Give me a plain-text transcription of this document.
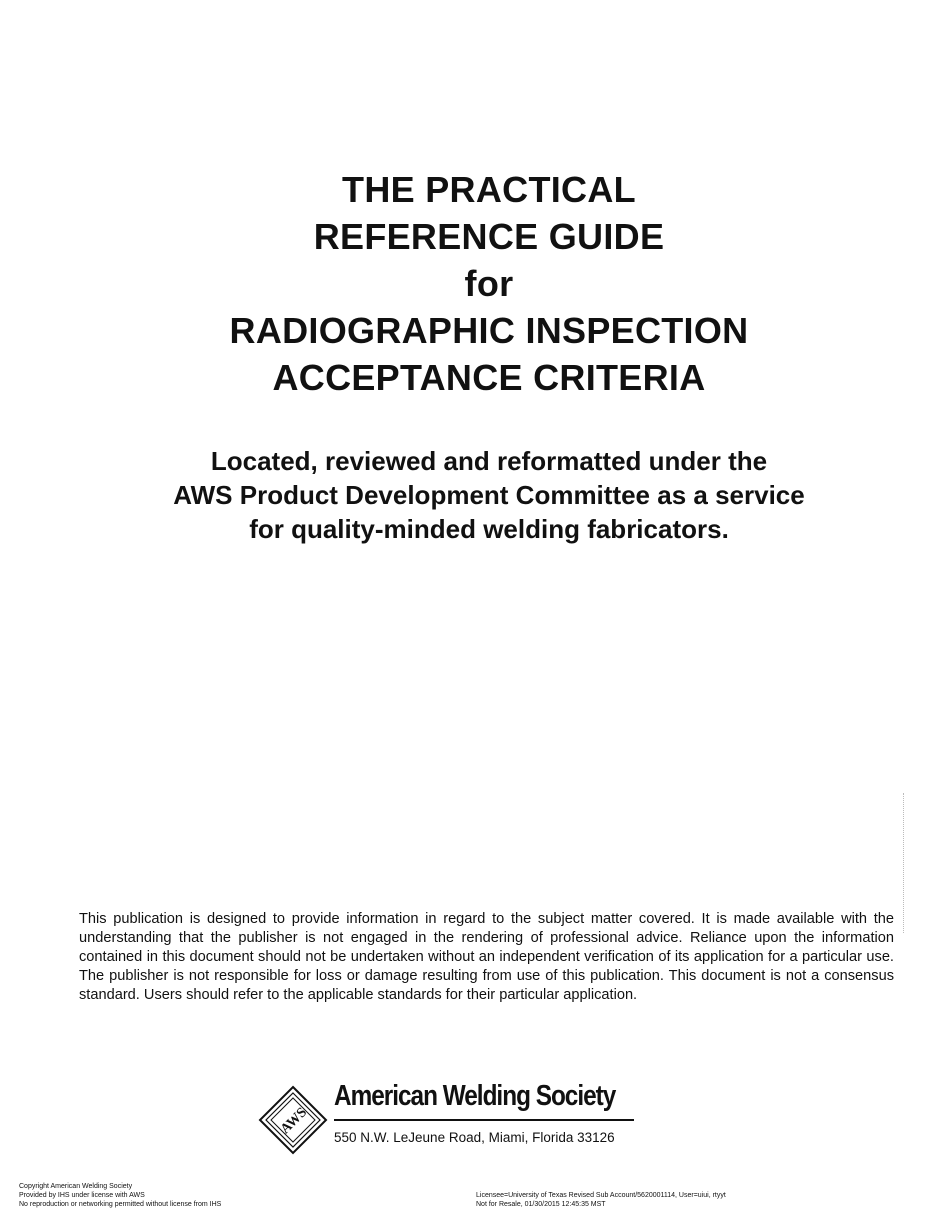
THE PRACTICAL
REFERENCE GUIDE
for
RADIOGRAPHIC INSPECTION
ACCEPTANCE CRITERIA
Located, reviewed and reformatted under the
AWS Product Development Committee as a service
for quality-minded welding fabricators.
This publication is designed to provide information in regard to the subject matter covered. It is made available with the understanding that the publisher is not engaged in the rendering of professional advice. Reliance upon the information contained in this document should not be undertaken without an independent verification of its application for a particular use. The publisher is not responsible for loss or damage resulting from use of this publication. This document is not a consensus standard. Users should refer to the applicable standards for their particular application.
AWS
American Welding Society
550 N.W. LeJeune Road, Miami, Florida 33126
Copyright American Welding Society
Provided by IHS under license with AWS
No reproduction or networking permitted without license from IHS
Licensee=University of Texas Revised Sub Account/5620001114, User=uiui, rtyyt
Not for Resale, 01/30/2015 12:45:35 MST
